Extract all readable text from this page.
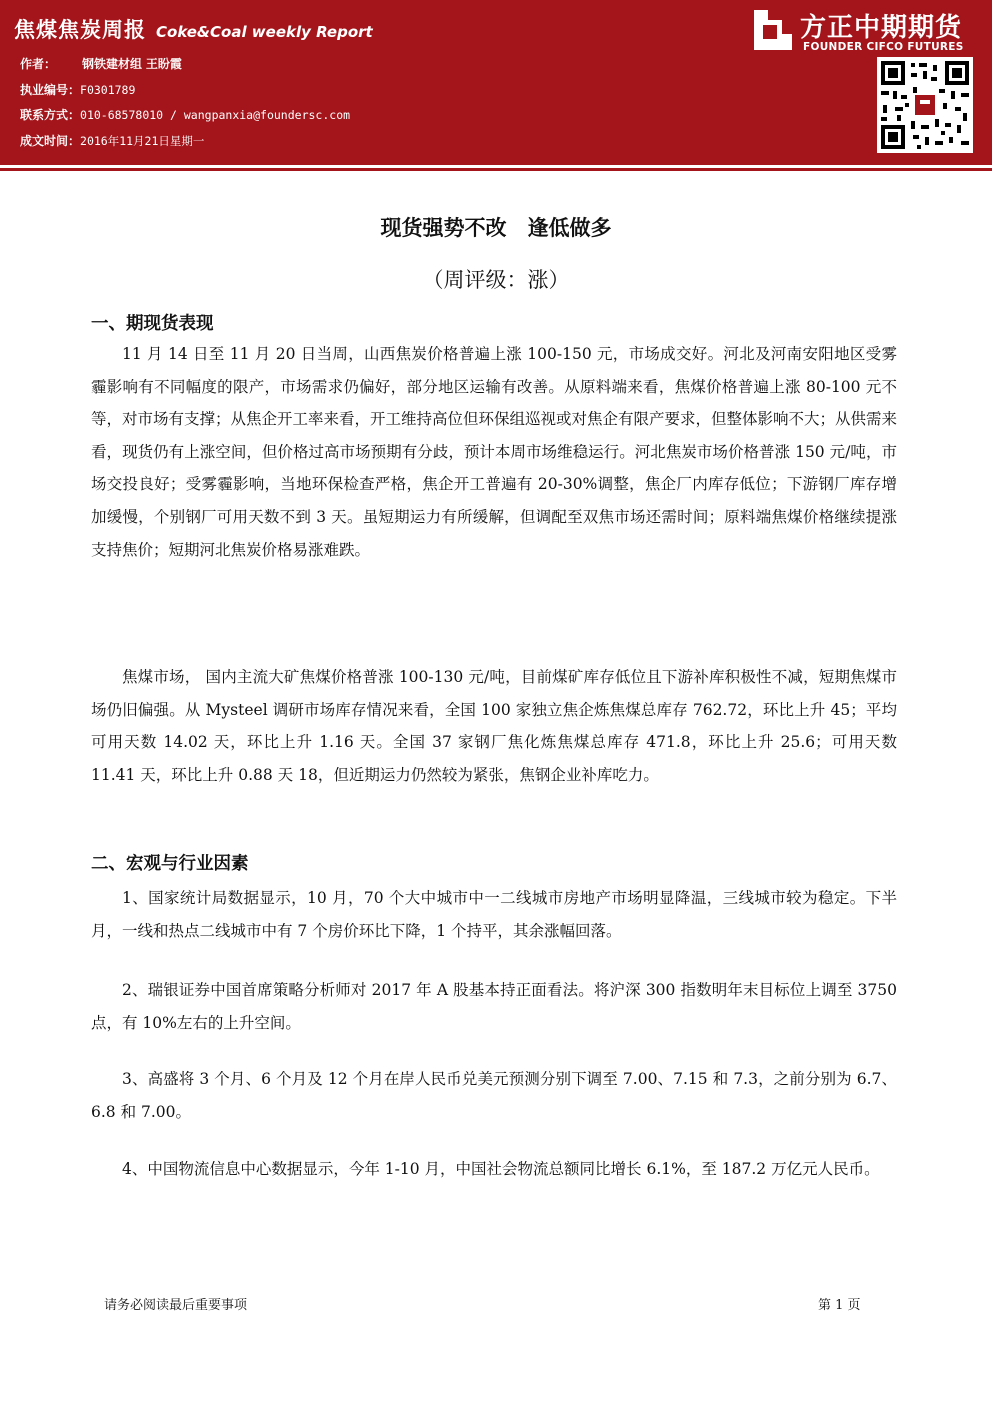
焦煤焦炭周报 Coke&Coal weekly Report
作者： 钢铁建材组 王盼霞
执业编号：F0301789
联系方式：010-68578010 / wangpanxia@foundersc.com
成文时间：2016年11月21日星期一
方正中期期货
FOUNDER CIFCO FUTURES
现货强势不改　逢低做多
（周评级：涨）
一、期现货表现

11 月 14 日至 11 月 20 日当周，山西焦炭价格普遍上涨 100-150 元，市场成交好。河北及河南安阳地区受雾霾影响有不同幅度的限产，市场需求仍偏好，部分地区运输有改善。从原料端来看，焦煤价格普遍上涨 80-100 元不等，对市场有支撑；从焦企开工率来看，开工维持高位但环保组巡视或对焦企有限产要求，但整体影响不大；从供需来看，现货仍有上涨空间，但价格过高市场预期有分歧，预计本周市场维稳运行。河北焦炭市场价格普涨 150 元/吨，市场交投良好；受雾霾影响，当地环保检查严格，焦企开工普遍有 20-30%调整，焦企厂内库存低位；下游钢厂库存增加缓慢，个别钢厂可用天数不到 3 天。虽短期运力有所缓解，但调配至双焦市场还需时间；原料端焦煤价格继续提涨支持焦价；短期河北焦炭价格易涨难跌。

焦煤市场， 国内主流大矿焦煤价格普涨 100-130 元/吨，目前煤矿库存低位且下游补库积极性不减，短期焦煤市场仍旧偏强。从 Mysteel 调研市场库存情况来看，全国 100 家独立焦企炼焦煤总库存 762.72，环比上升 45；平均可用天数 14.02 天，环比上升 1.16 天。全国 37 家钢厂焦化炼焦煤总库存 471.8，环比上升 25.6；可用天数 11.41 天，环比上升 0.88 天 18，但近期运力仍然较为紧张，焦钢企业补库吃力。

二、宏观与行业因素

1、国家统计局数据显示，10 月，70 个大中城市中一二线城市房地产市场明显降温，三线城市较为稳定。下半月，一线和热点二线城市中有 7 个房价环比下降，1 个持平，其余涨幅回落。

2、瑞银证券中国首席策略分析师对 2017 年 A 股基本持正面看法。将沪深 300 指数明年末目标位上调至 3750 点，有 10%左右的上升空间。

3、高盛将 3 个月、6 个月及 12 个月在岸人民币兑美元预测分别下调至 7.00、7.15 和 7.3，之前分别为 6.7、6.8 和 7.00。

4、中国物流信息中心数据显示，今年 1-10 月，中国社会物流总额同比增长 6.1%，至 187.2 万亿元人民币。

请务必阅读最后重要事项	第 1 页
